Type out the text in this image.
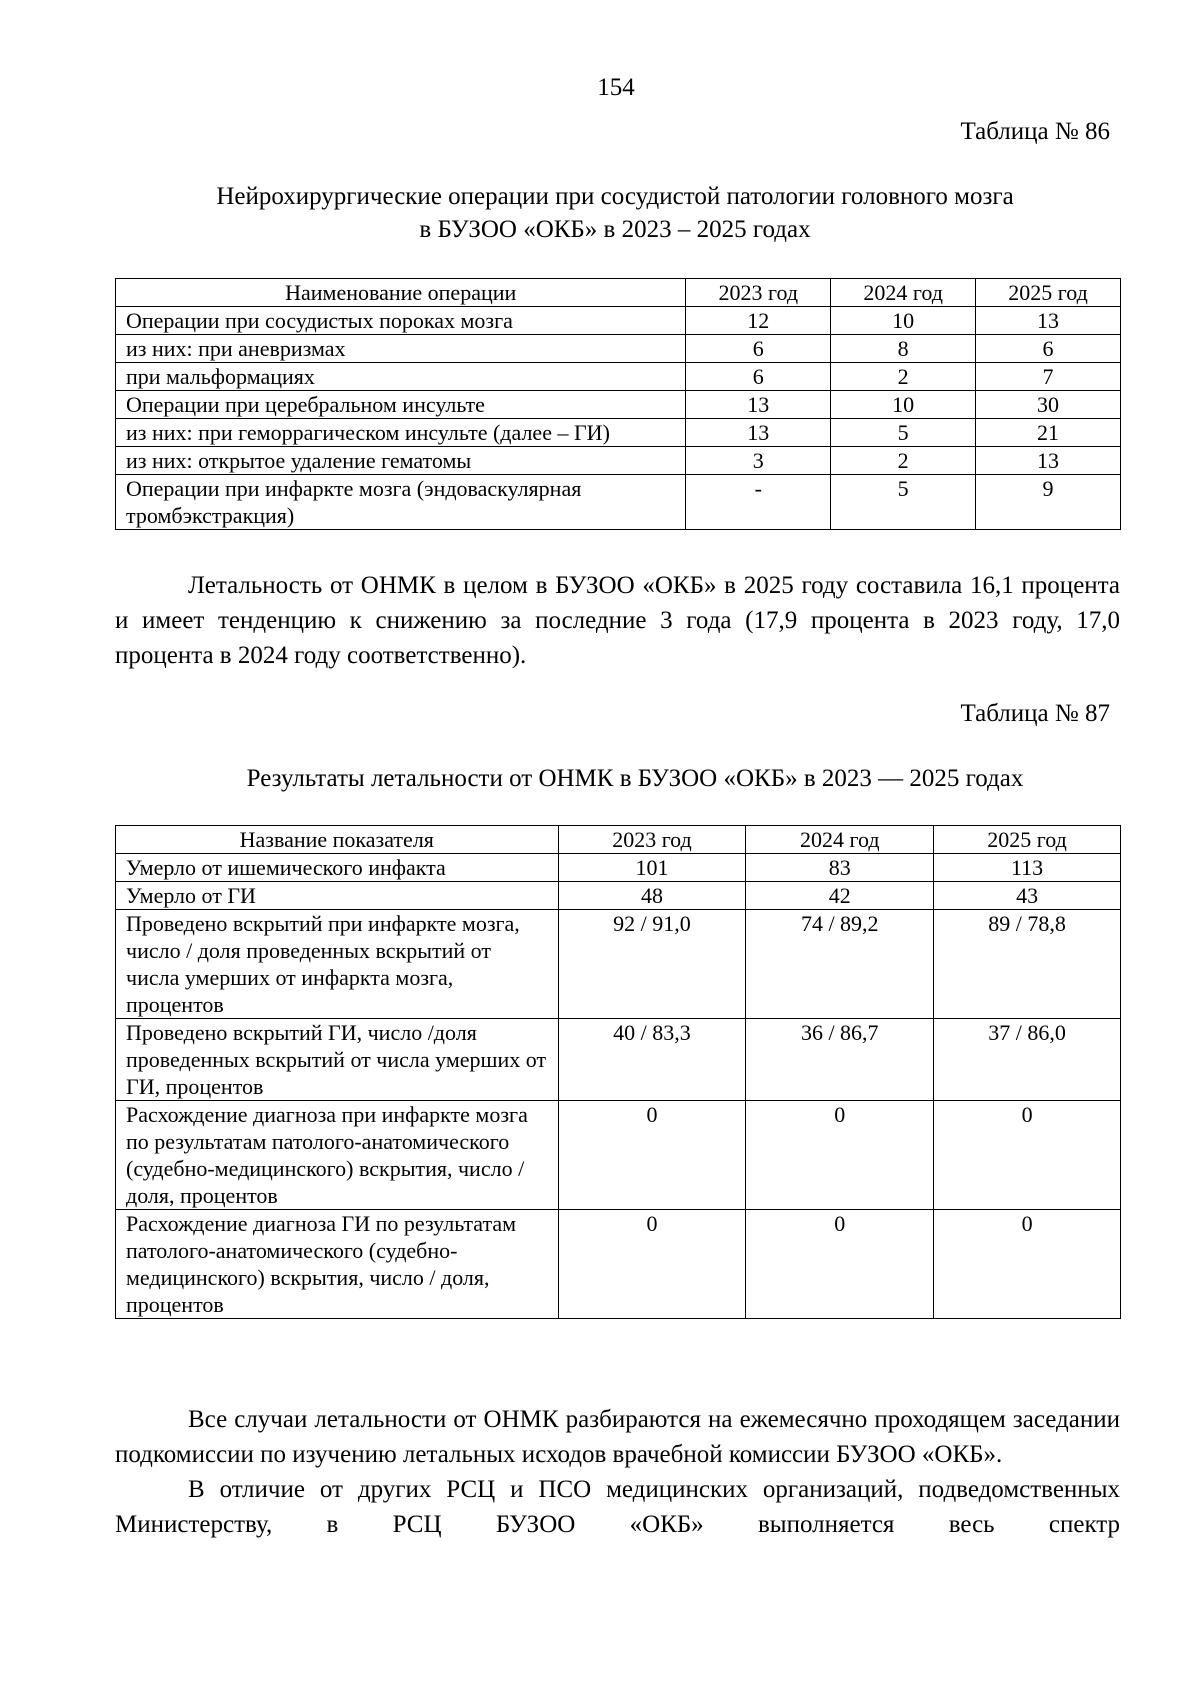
154
Таблица № 86
Нейрохирургические операции при сосудистой патологии головного мозга
в БУЗОО «ОКБ» в 2023 – 2025 годах
Наименование операции	2023 год	2024 год	2025 год
Операции при сосудистых пороках мозга	12	10	13
из них: при аневризмах	6	8	6
при мальформациях	6	2	7
Операции при церебральном инсульте	13	10	30
из них: при геморрагическом инсульте (далее – ГИ)	13	5	21
из них: открытое удаление гематомы	3	2	13
Операции при инфаркте мозга (эндоваскулярная тромбэкстракция)	-	5	9

Летальность от ОНМК в целом в БУЗОО «ОКБ» в 2025 году составила 16,1 процента и имеет тенденцию к снижению за последние 3 года (17,9 процента в 2023 году, 17,0 процента в 2024 году соответственно).

Таблица № 87
Результаты летальности от ОНМК в БУЗОО «ОКБ» в 2023 — 2025 годах
Название показателя	2023 год	2024 год	2025 год
Умерло от ишемического инфакта	101	83	113
Умерло от ГИ	48	42	43
Проведено вскрытий при инфаркте мозга, число / доля проведенных вскрытий от числа умерших от инфаркта мозга, процентов	92 / 91,0	74 / 89,2	89 / 78,8
Проведено вскрытий ГИ, число /доля проведенных вскрытий от числа умерших от ГИ, процентов	40 / 83,3	36 / 86,7	37 / 86,0
Расхождение диагноза при инфаркте мозга по результатам патолого-анатомического (судебно-медицинского) вскрытия, число / доля, процентов	0	0	0
Расхождение диагноза ГИ по результатам патолого-анатомического (судебно-медицинского) вскрытия, число / доля, процентов	0	0	0

Все случаи летальности от ОНМК разбираются на ежемесячно проходящем заседании подкомиссии по изучению летальных исходов врачебной комиссии БУЗОО «ОКБ».

В отличие от других РСЦ и ПСО медицинских организаций, подведомственных Министерству, в РСЦ БУЗОО «ОКБ» выполняется весь спектр
